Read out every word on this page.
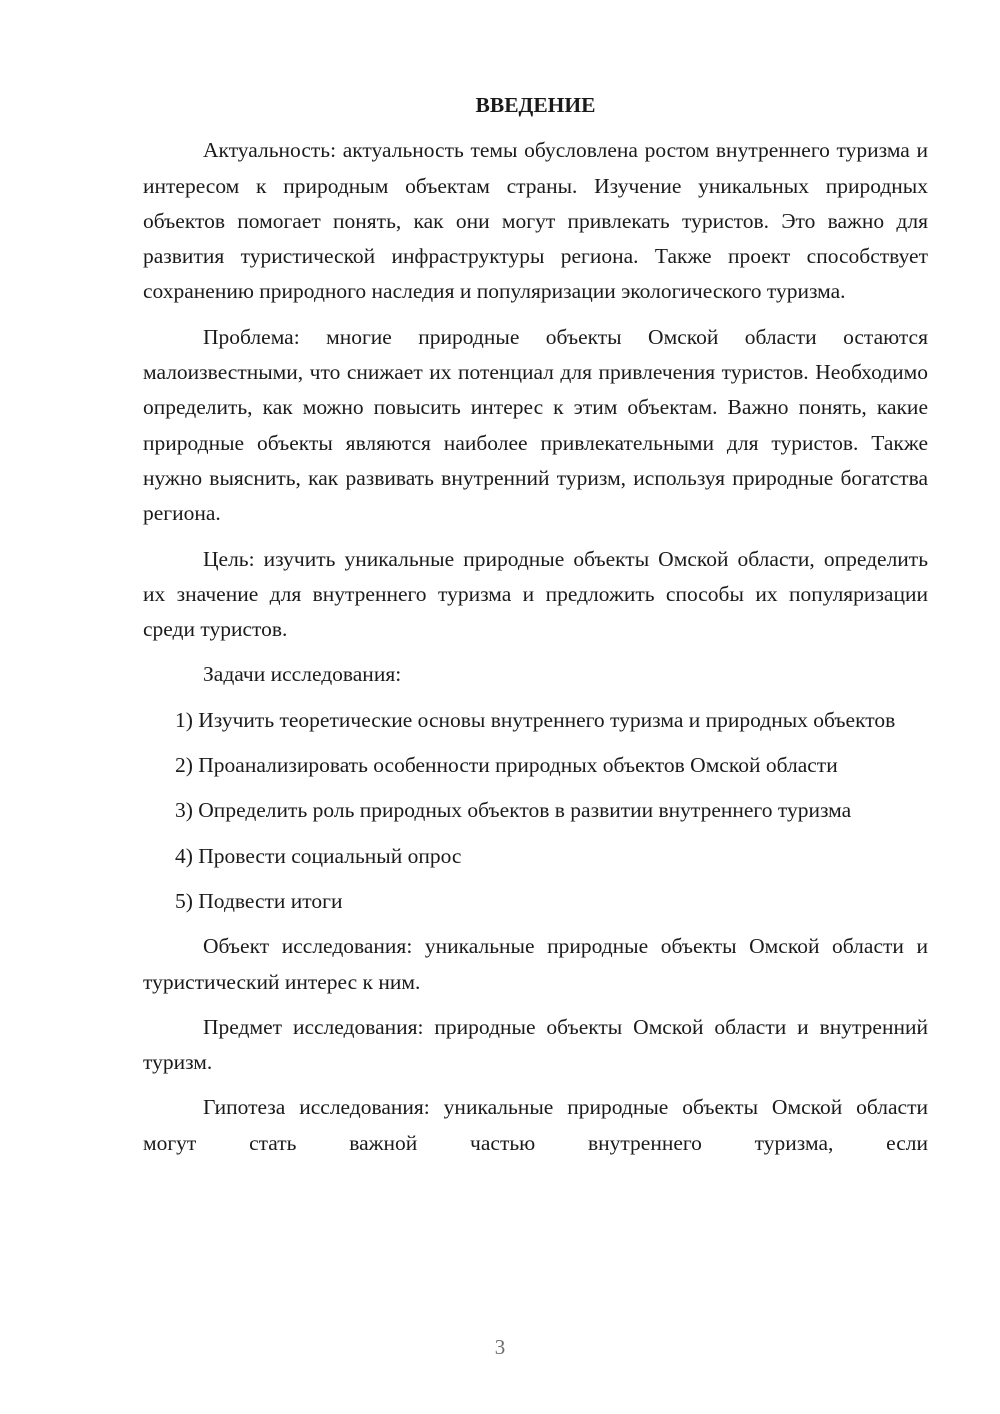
ВВЕДЕНИЕ

Актуальность: актуальность темы обусловлена ростом внутреннего туризма и интересом к природным объектам страны. Изучение уникальных природных объектов помогает понять, как они могут привлекать туристов. Это важно для развития туристической инфраструктуры региона. Также проект способствует сохранению природного наследия и популяризации экологического туризма.

Проблема: многие природные объекты Омской области остаются малоизвестными, что снижает их потенциал для привлечения туристов. Необходимо определить, как можно повысить интерес к этим объектам. Важно понять, какие природные объекты являются наиболее привлекательными для туристов. Также нужно выяснить, как развивать внутренний туризм, используя природные богатства региона.

Цель: изучить уникальные природные объекты Омской области, определить их значение для внутреннего туризма и предложить способы их популяризации среди туристов.

Задачи исследования:

1) Изучить теоретические основы внутреннего туризма и природных объектов

2) Проанализировать особенности природных объектов Омской области

3) Определить роль природных объектов в развитии внутреннего туризма

4) Провести социальный опрос

5) Подвести итоги

Объект исследования: уникальные природные объекты Омской области и туристический интерес к ним.

Предмет исследования: природные объекты Омской области и внутренний туризм.

Гипотеза исследования: уникальные природные объекты Омской области могут стать важной частью внутреннего туризма, если

3
